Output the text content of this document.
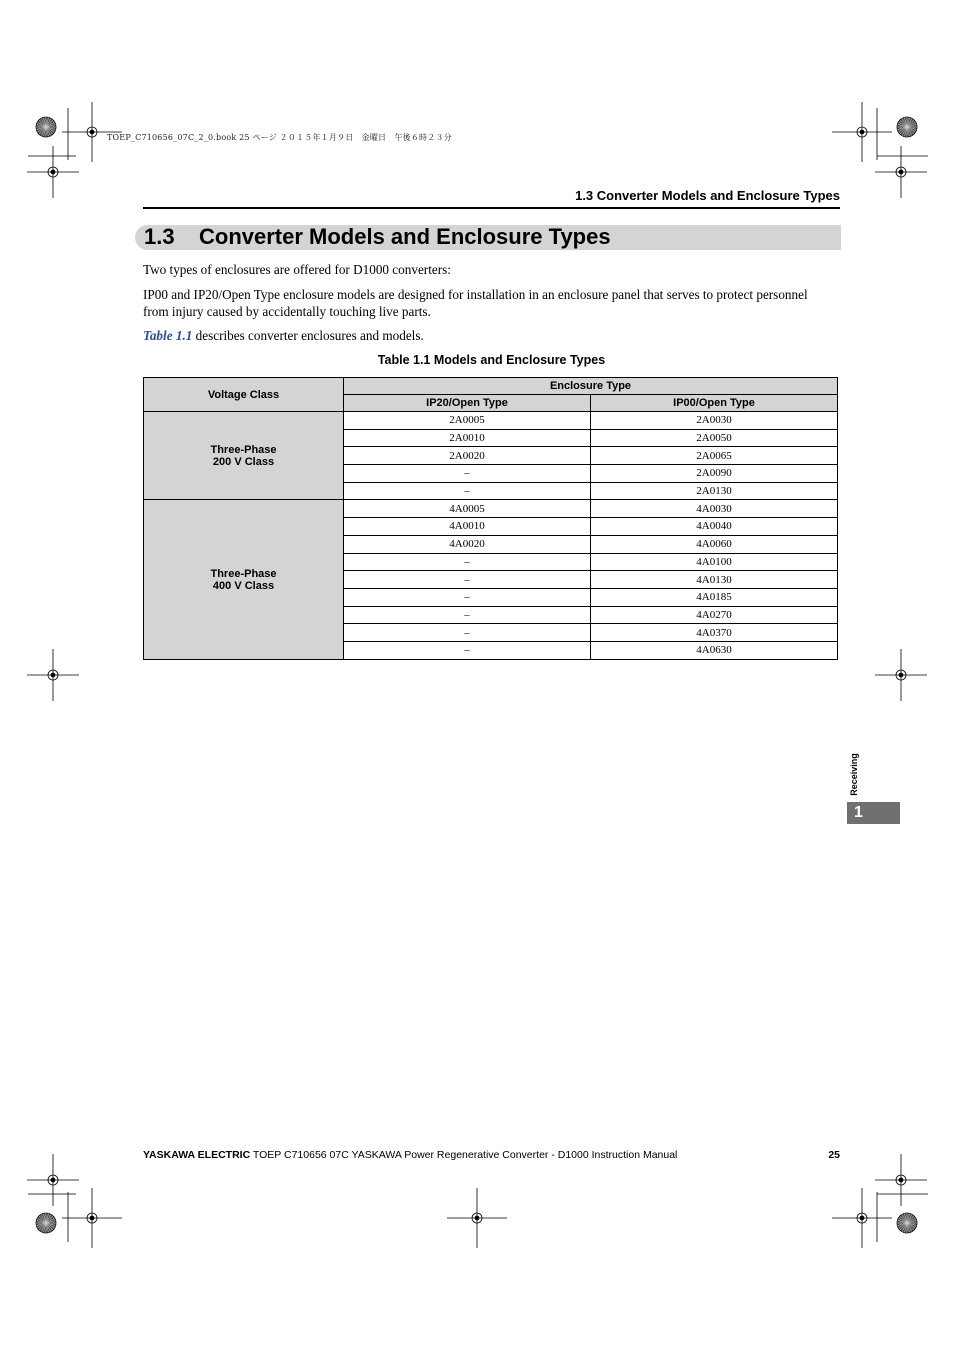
TOEP_C710656_07C_2_0.book 25 ページ ２０１５年１月９日　金曜日　午後６時２３分
1.3 Converter Models and Enclosure Types
1.3 Converter Models and Enclosure Types
Two types of enclosures are offered for D1000 converters:
IP00 and IP20/Open Type enclosure models are designed for installation in an enclosure panel that serves to protect personnel from injury caused by accidentally touching live parts.
Table 1.1 describes converter enclosures and models.
Table 1.1 Models and Enclosure Types
Voltage Class	Enclosure Type	
	IP20/Open Type	IP00/Open Type

Three-Phase
200 V Class	2A0005	2A0030
	2A0010	2A0050
	2A0020	2A0065
	–	2A0090
	–	2A0130

Three-Phase
400 V Class	4A0005	4A0030
	4A0010	4A0040
	4A0020	4A0060
	–	4A0100
	–	4A0130
	–	4A0185
	–	4A0270
	–	4A0370
	–	4A0630
Receiving
1
YASKAWA ELECTRIC TOEP C710656 07C YASKAWA Power Regenerative Converter - D1000 Instruction Manual	25
